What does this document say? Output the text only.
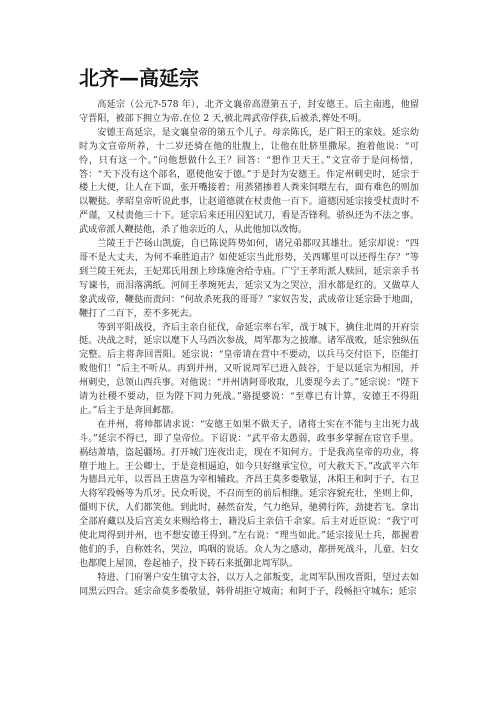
北齐—高延宗

高延宗（公元?-578 年），北齐文襄帝高澄第五子，封安德王。后主南逃，他留守晋阳，被部下拥立为帝.在位 2 天,被北周武帝俘获,后被杀,葬处不明。

安德王高延宗，是文襄皇帝的第五个儿子。母亲陈氏，是广阳王的家妓。延宗幼时为文宣帝所养，十二岁还骑在他的肚腹上，让他在肚脐里撒尿。抱着他说：“可怜，只有这一个。”问他想做什么王？回答：“想作卫天王。”文宣帝于是问杨愔，答：“天下没有这个部名，愿使他安于德。”于是封为安德王。作定州刺史时，延宗于楼上大便，让人在下面，张开嘴接着；用蒸猪掺着人粪来饲喂左右，面有难色的则加以鞭挞。孝昭皇帝听说此事，让赵道德就在杖责他一百下。道德因延宗接受杖责时不严谨，又杖责他三十下。延宗后来还用囚犯试刀，看是否锋利。骄纵还为不法之事。武成帝派人鞭挞他，杀了他亲近的人，从此他加以改悔。

兰陵王于芒砀山凯旋，自已陈说阵势如何，诸兄弟都叹其雄壮。延宗却说：“四哥不是大丈夫，为何不乘胜追击？如使延宗当此形势，关西哪里可以还得生存？”等到兰陵王死去，王妃郑氏用颈上珍珠施舍给寺庙。广宁王孝珩派人赎回，延宗亲手书写谏书，而泪落满纸。河间王孝琬死去，延宗又为之哭泣，泪水都是红的。又做草人象武成帝，鞭挞而责问：“何故杀死我的哥哥？”家奴告发，武成帝让延宗卧于地面，鞭打了二百下，差不多死去。

等到平阳战役，齐后主亲自征伐，命延宗率右军，战于城下，擒住北周的开府宗挺。决战之时，延宗以麾下人马西次参战，周军都为之披靡。诸军战败，延宗独纵伍完整。后主将奔回晋阳。延宗说：“皇帝请在营中不要动，以兵马交付臣下，臣能打败他们！”后主不听从。再到并州，又听说周军已进入鼓谷，于是以延宗为相国，并州刺史，总领山西兵事。对他说：“并州请阿哥收取，儿要现今去了。”延宗说：“陛下请为社稷不要动，臣为陛下同力死战。”骆提婆说：“至尊已有计算，安德王不得阻止。”后主于是奔回邺都。

在并州，将帅都请求说：“安德王如果不做天子，诸将士实在不能与主出死力战斗。”延宗不得已，即了皇帝位。下诏说：“武平帝太愚弱，政事多掌握在宦官手里。祸结萧墙，盗起疆场。打开城门连夜出走，现在不知何方。于是我高皇帝的功业，将堕于地上。王公卿士，于是竞相逼迫，如今只好继承宝位，可大赦天下。”改武平六年为德昌元年，以晋昌王唐邕为宰相辅政。齐昌王莫多娄敬显，沐阳王和阿于子，右卫大将军段畅等为爪牙。民众听说，不召而至的前后相继。延宗容貌充壮，坐则上仰，僵则下伏，人们都笑他。到此时，赫然奋发，气力绝异，驰骋行阵，劲捷若飞。拿出全部府藏以及后宫美女来赐给将士，籍没后主亲信千余家。后主对近臣说：“我宁可使北周得到并州，也不想安德王得到。”左右说：“理当如此。”延宗接见士兵，都握着他们的手，自称姓名，哭泣，呜咽的说话。众人为之感动，都拼死战斗，儿童、妇女也都爬上屋顶，卷起袖子，投下砖石来抵御北周军队。

特进、门府署户安生镇守太谷，以万人之部叛变，北周军队围攻晋阳，望过去如同黑云四合。延宗命莫多娄敬显，韩骨胡拒守城南；和阿于子，段畅拒守城东；延宗
